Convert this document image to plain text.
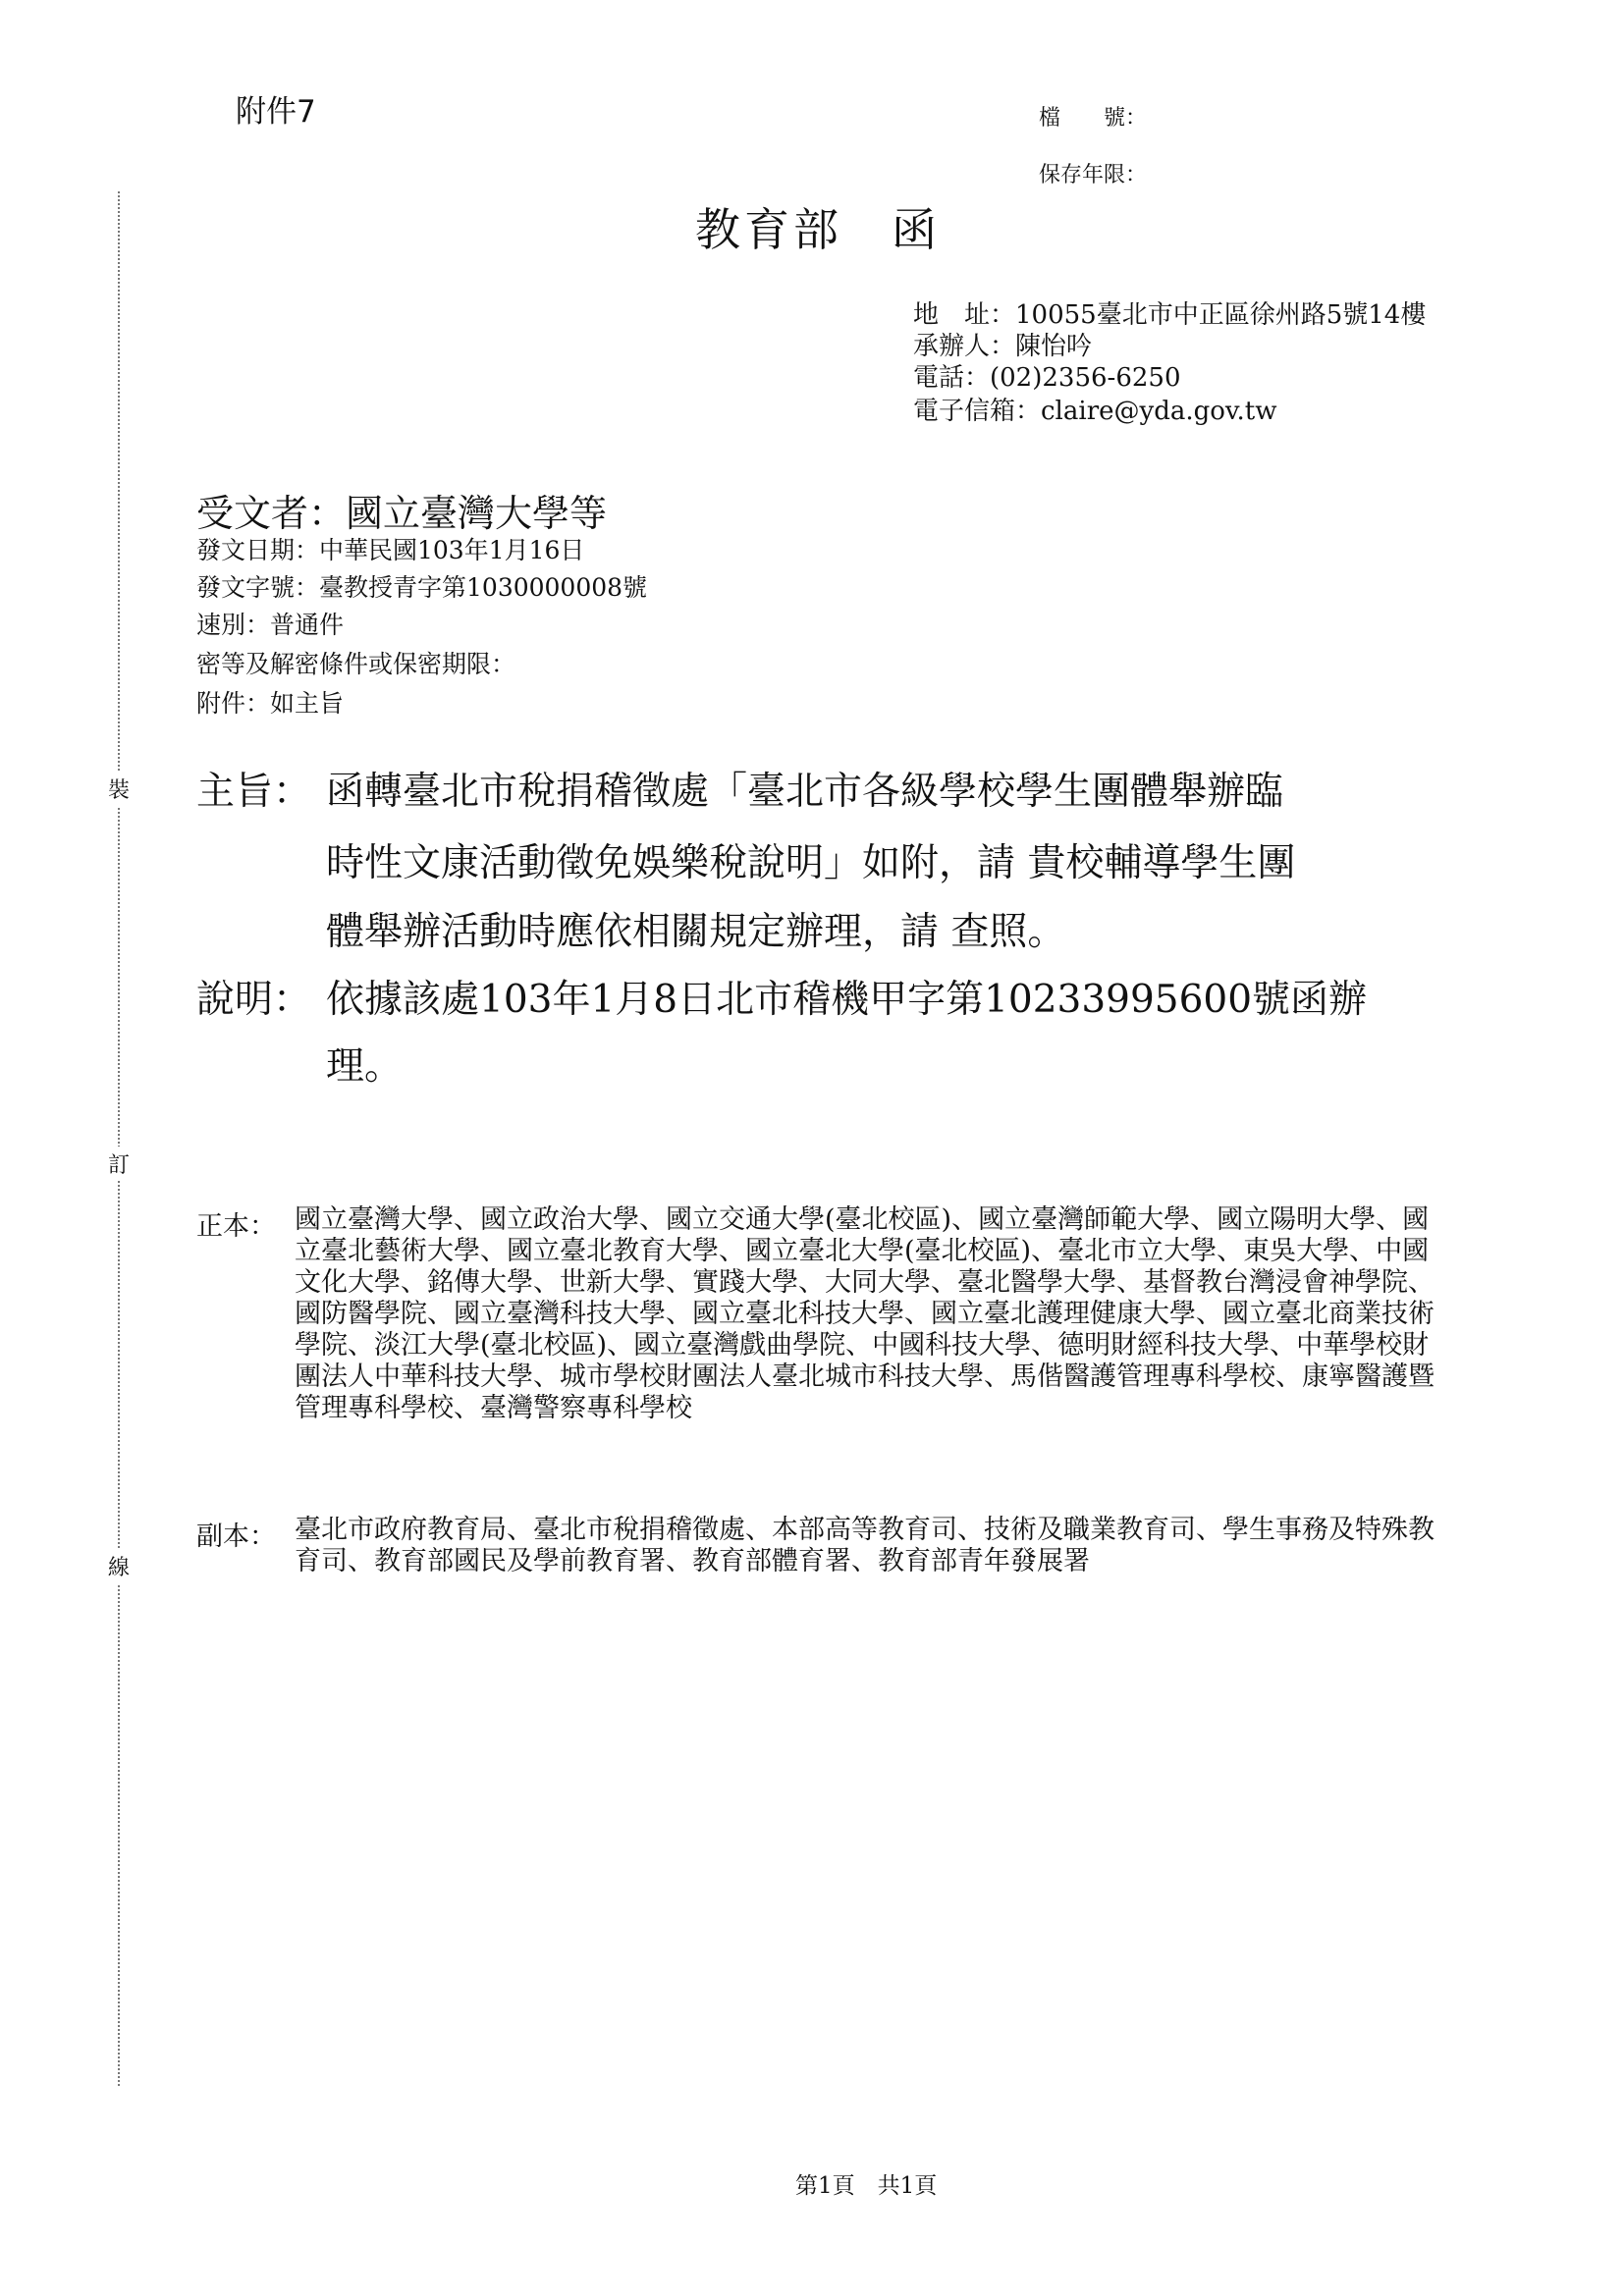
附件7	檔　　號：
保存年限：
教育部　函
地　址：10055臺北市中正區徐州路5號14樓
承辦人：陳怡吟
電話：(02)2356-6250
電子信箱：claire@yda.gov.tw
受文者：國立臺灣大學等
發文日期：中華民國103年1月16日
發文字號：臺教授青字第1030000008號
速別：普通件
密等及解密條件或保密期限：
附件：如主旨
主旨： 函轉臺北市稅捐稽徵處「臺北市各級學校學生團體舉辦臨
時性文康活動徵免娛樂稅說明」如附，請 貴校輔導學生團
體舉辦活動時應依相關規定辦理，請 查照。
說明： 依據該處103年1月8日北市稽機甲字第10233995600號函辦
理。
正本： 國立臺灣大學、國立政治大學、國立交通大學(臺北校區)、國立臺灣師範大學、國立陽明大學、國立臺北藝術大學、國立臺北教育大學、國立臺北大學(臺北校區)、臺北市立大學、東吳大學、中國文化大學、銘傳大學、世新大學、實踐大學、大同大學、臺北醫學大學、基督教台灣浸會神學院、國防醫學院、國立臺灣科技大學、國立臺北科技大學、國立臺北護理健康大學、國立臺北商業技術學院、淡江大學(臺北校區)、國立臺灣戲曲學院、中國科技大學、德明財經科技大學、中華學校財團法人中華科技大學、城市學校財團法人臺北城市科技大學、馬偕醫護管理專科學校、康寧醫護暨管理專科學校、臺灣警察專科學校
副本： 臺北市政府教育局、臺北市稅捐稽徵處、本部高等教育司、技術及職業教育司、學生事務及特殊教育司、教育部國民及學前教育署、教育部體育署、教育部青年發展署
裝
訂
線
第1頁　共1頁
